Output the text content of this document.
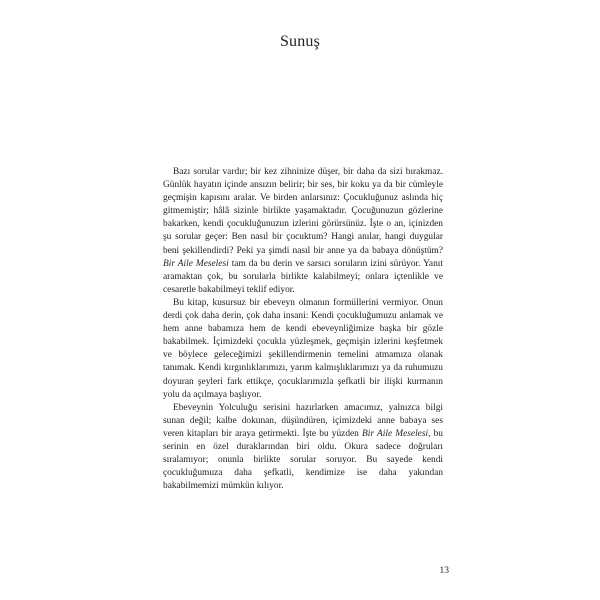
Sunuş

Bazı sorular vardır; bir kez zihninize düşer, bir daha da sizi bırakmaz. Günlük hayatın içinde ansızın belirir; bir ses, bir koku ya da bir cümleyle geçmişin kapısını aralar. Ve birden anlarsınız: Çocukluğunuz aslında hiç gitmemiştir; hâlâ sizinle birlikte yaşamaktadır. Çocuğunuzun gözlerine bakarken, kendi çocukluğunuzun izlerini görürsünüz. İşte o an, içinizden şu sorular geçer: Ben nasıl bir çocuktum? Hangi anılar, hangi duygular beni şekillendirdi? Peki ya şimdi nasıl bir anne ya da babaya dönüştüm? Bir Aile Meselesi tam da bu derin ve sarsıcı soruların izini sürüyor. Yanıt aramaktan çok, bu sorularla birlikte kalabilmeyi; onlara içtenlikle ve cesaretle bakabilmeyi teklif ediyor.

Bu kitap, kusursuz bir ebeveyn olmanın formüllerini vermiyor. Onun derdi çok daha derin, çok daha insani: Kendi çocukluğumuzu anlamak ve hem anne babamıza hem de kendi ebeveynliğimize başka bir gözle bakabilmek. İçimizdeki çocukla yüzleşmek, geçmişin izlerini keşfetmek ve böylece geleceğimizi şekillendirmenin temelini atmamıza olanak tanımak. Kendi kırgınlıklarımızı, yarım kalmışlıklarımızı ya da ruhumuzu doyuran şeyleri fark ettikçe, çocuklarımızla şefkatli bir ilişki kurmanın yolu da açılmaya başlıyor.

Ebeveynin Yolculuğu serisini hazırlarken amacımız, yalnızca bilgi sunan değil; kalbe dokunan, düşündüren, içimizdeki anne babaya ses veren kitapları bir araya getirmekti. İşte bu yüzden Bir Aile Meselesi, bu serinin en özel duraklarından biri oldu. Okura sadece doğruları sıralamıyor; onunla birlikte sorular soruyor. Bu sayede kendi çocukluğumuza daha şefkatli, kendimize ise daha yakından bakabilmemizi mümkün kılıyor.

13
